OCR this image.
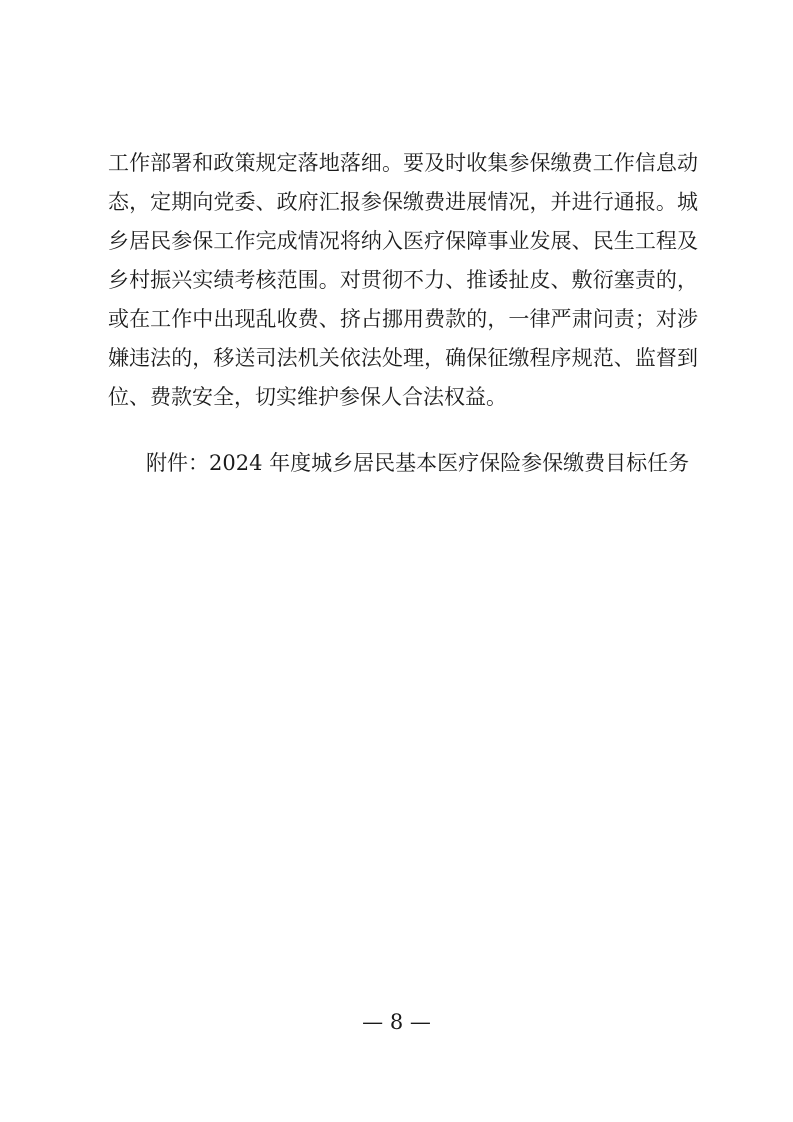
工作部署和政策规定落地落细。要及时收集参保缴费工作信息动
态，定期向党委、政府汇报参保缴费进展情况，并进行通报。城
乡居民参保工作完成情况将纳入医疗保障事业发展、民生工程及
乡村振兴实绩考核范围。对贯彻不力、推诿扯皮、敷衍塞责的，
或在工作中出现乱收费、挤占挪用费款的，一律严肃问责；对涉
嫌违法的，移送司法机关依法处理，确保征缴程序规范、监督到
位、费款安全，切实维护参保人合法权益。
附件：2024 年度城乡居民基本医疗保险参保缴费目标任务
— 8 —
